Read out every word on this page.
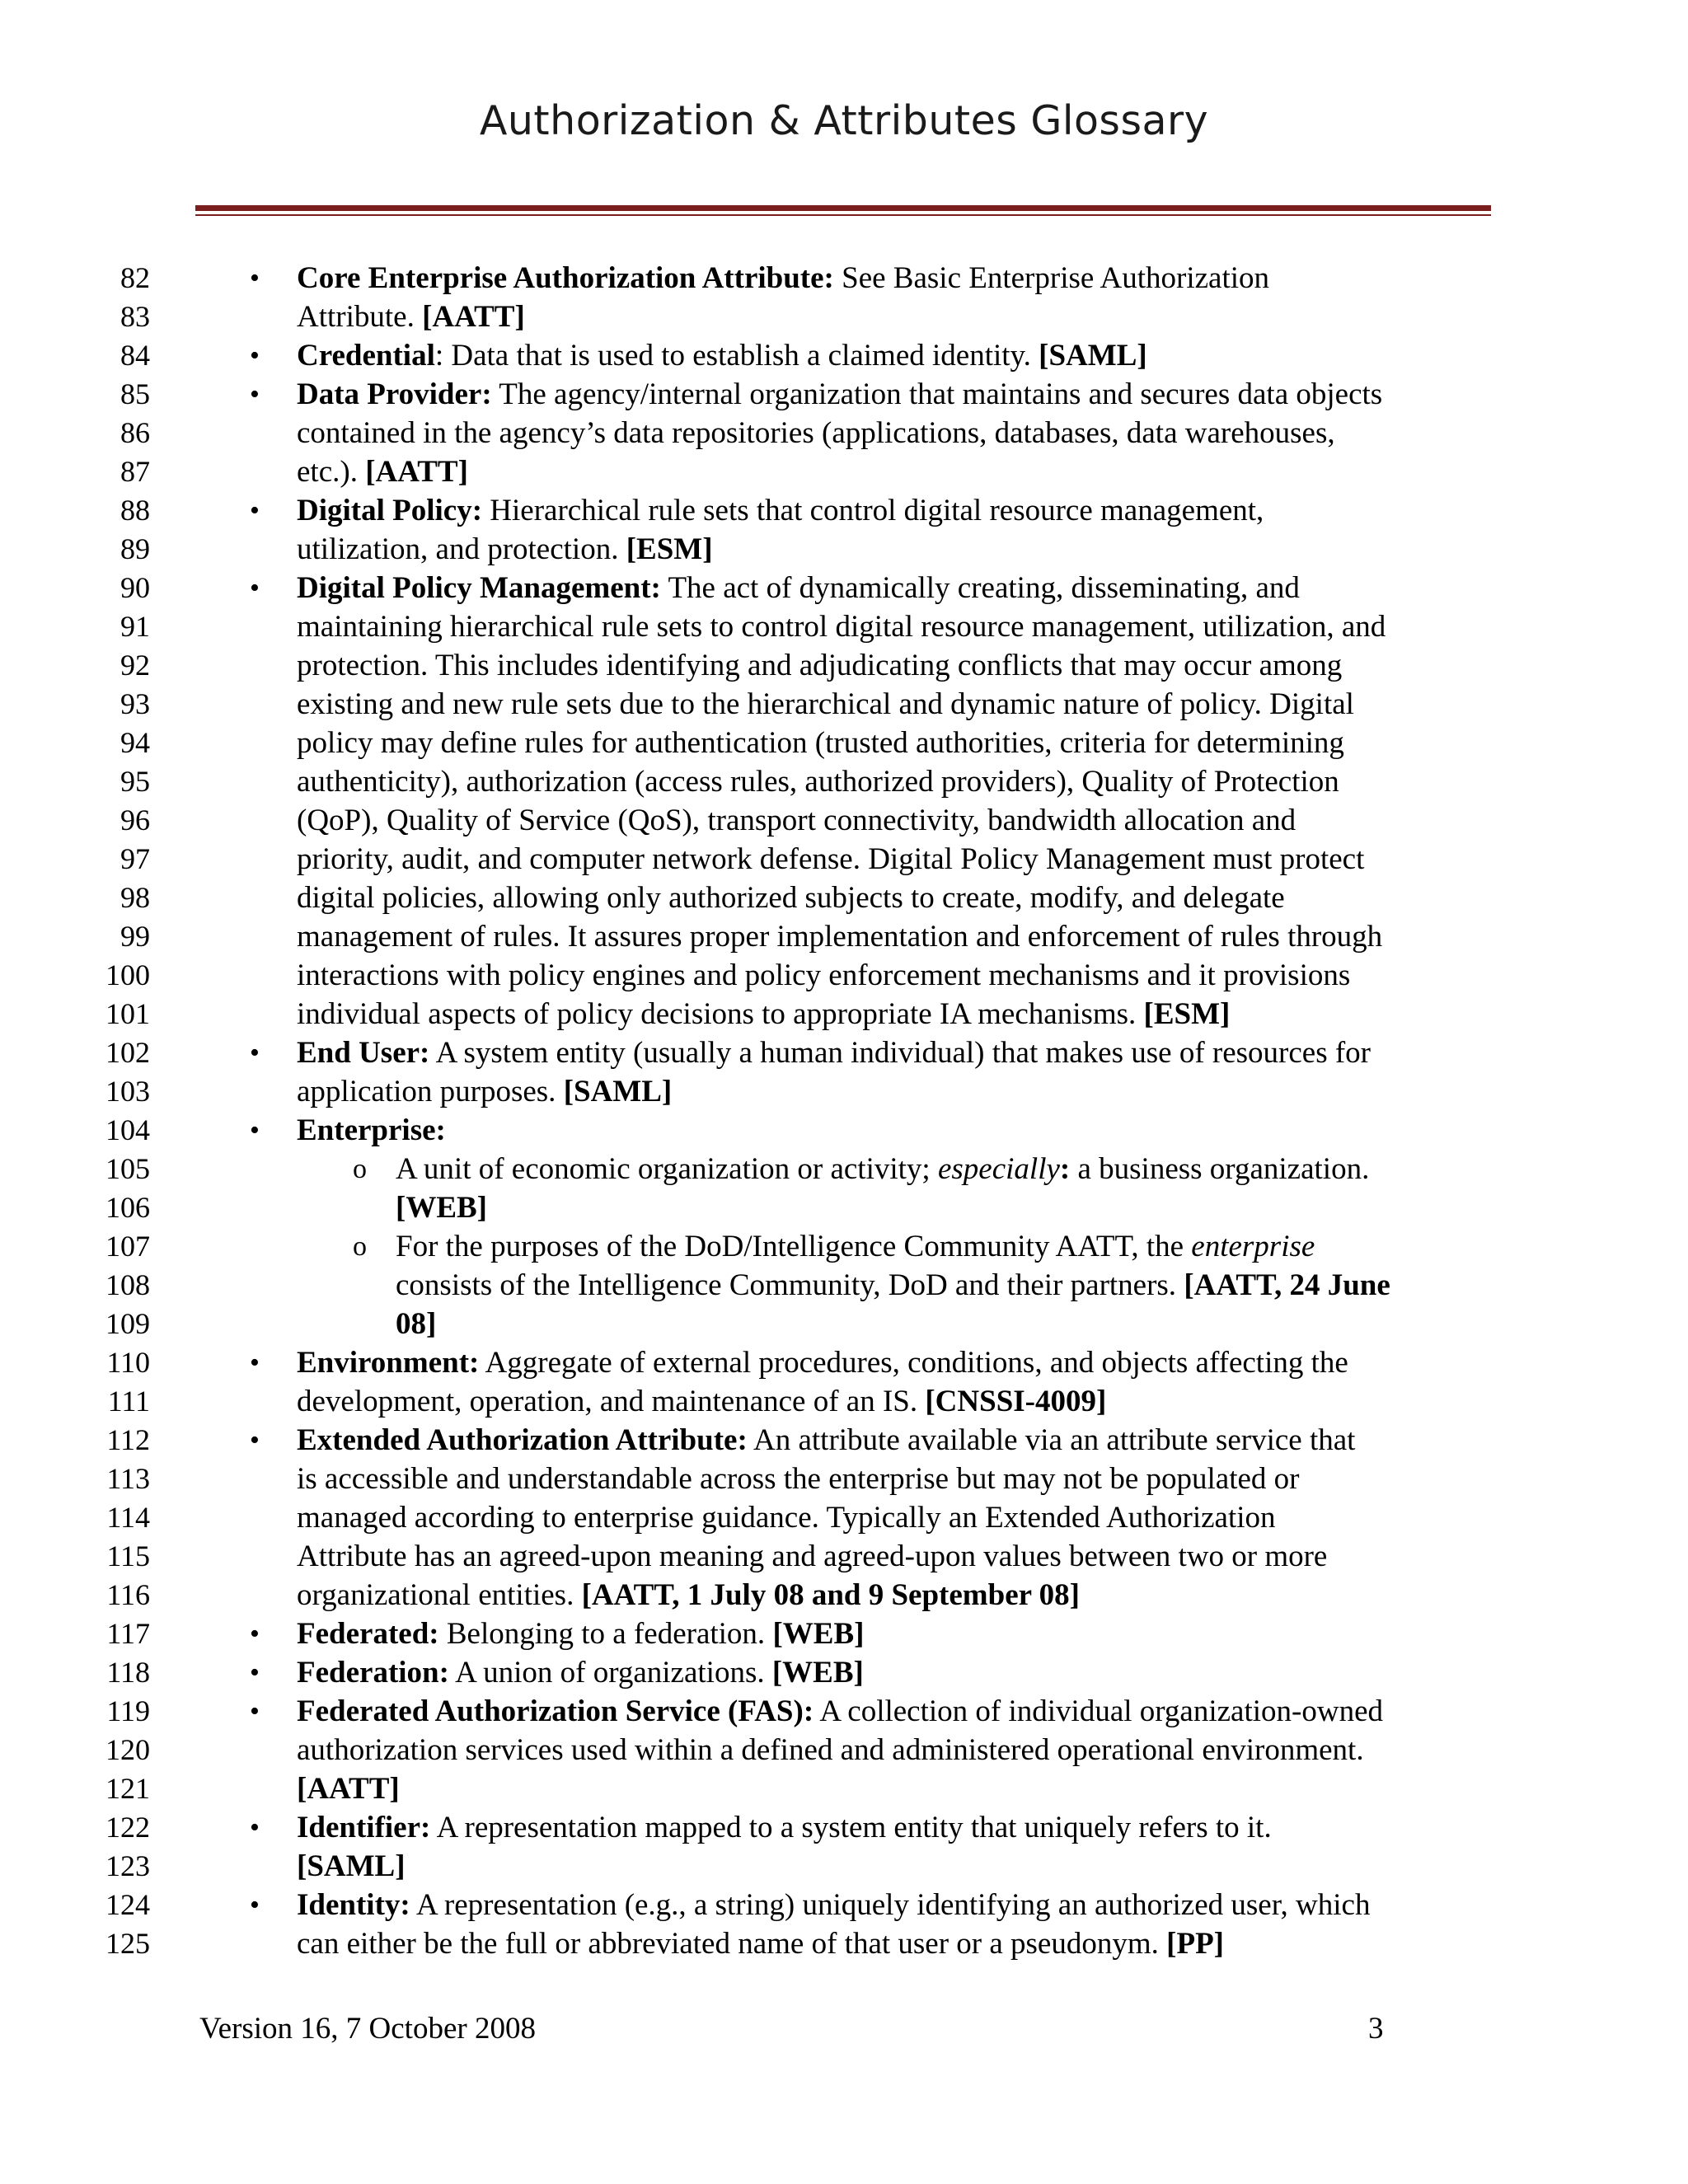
Authorization & Attributes Glossary
82
83
84
85
86
87
88
89
90
91
92
93
94
95
96
97
98
99
100
101
102
103
104
105
106
107
108
109
110
111
112
113
114
115
116
117
118
119
120
121
122
123
124
125
• Core Enterprise Authorization Attribute: See Basic Enterprise Authorization

Attribute. [AATT]

• Credential: Data that is used to establish a claimed identity. [SAML]

• Data Provider: The agency/internal organization that maintains and secures data objects

contained in the agency’s data repositories (applications, databases, data warehouses,

etc.). [AATT]

• Digital Policy: Hierarchical rule sets that control digital resource management,

utilization, and protection. [ESM]

• Digital Policy Management: The act of dynamically creating, disseminating, and

maintaining hierarchical rule sets to control digital resource management, utilization, and

protection. This includes identifying and adjudicating conflicts that may occur among

existing and new rule sets due to the hierarchical and dynamic nature of policy. Digital

policy may define rules for authentication (trusted authorities, criteria for determining

authenticity), authorization (access rules, authorized providers), Quality of Protection

(QoP), Quality of Service (QoS), transport connectivity, bandwidth allocation and

priority, audit, and computer network defense. Digital Policy Management must protect

digital policies, allowing only authorized subjects to create, modify, and delegate

management of rules. It assures proper implementation and enforcement of rules through

interactions with policy engines and policy enforcement mechanisms and it provisions

individual aspects of policy decisions to appropriate IA mechanisms. [ESM]

• End User: A system entity (usually a human individual) that makes use of resources for

application purposes. [SAML]

• Enterprise:

o A unit of economic organization or activity; especially: a business organization.

[WEB]

o For the purposes of the DoD/Intelligence Community AATT, the enterprise

consists of the Intelligence Community, DoD and their partners. [AATT, 24 June

08]

• Environment: Aggregate of external procedures, conditions, and objects affecting the

development, operation, and maintenance of an IS. [CNSSI-4009]

• Extended Authorization Attribute: An attribute available via an attribute service that

is accessible and understandable across the enterprise but may not be populated or

managed according to enterprise guidance. Typically an Extended Authorization

Attribute has an agreed-upon meaning and agreed-upon values between two or more

organizational entities. [AATT, 1 July 08 and 9 September 08]

• Federated: Belonging to a federation. [WEB]

• Federation: A union of organizations. [WEB]

• Federated Authorization Service (FAS): A collection of individual organization-owned

authorization services used within a defined and administered operational environment.

[AATT]

• Identifier: A representation mapped to a system entity that uniquely refers to it.

[SAML]

• Identity: A representation (e.g., a string) uniquely identifying an authorized user, which

can either be the full or abbreviated name of that user or a pseudonym. [PP]

Version 16, 7 October 2008	3
